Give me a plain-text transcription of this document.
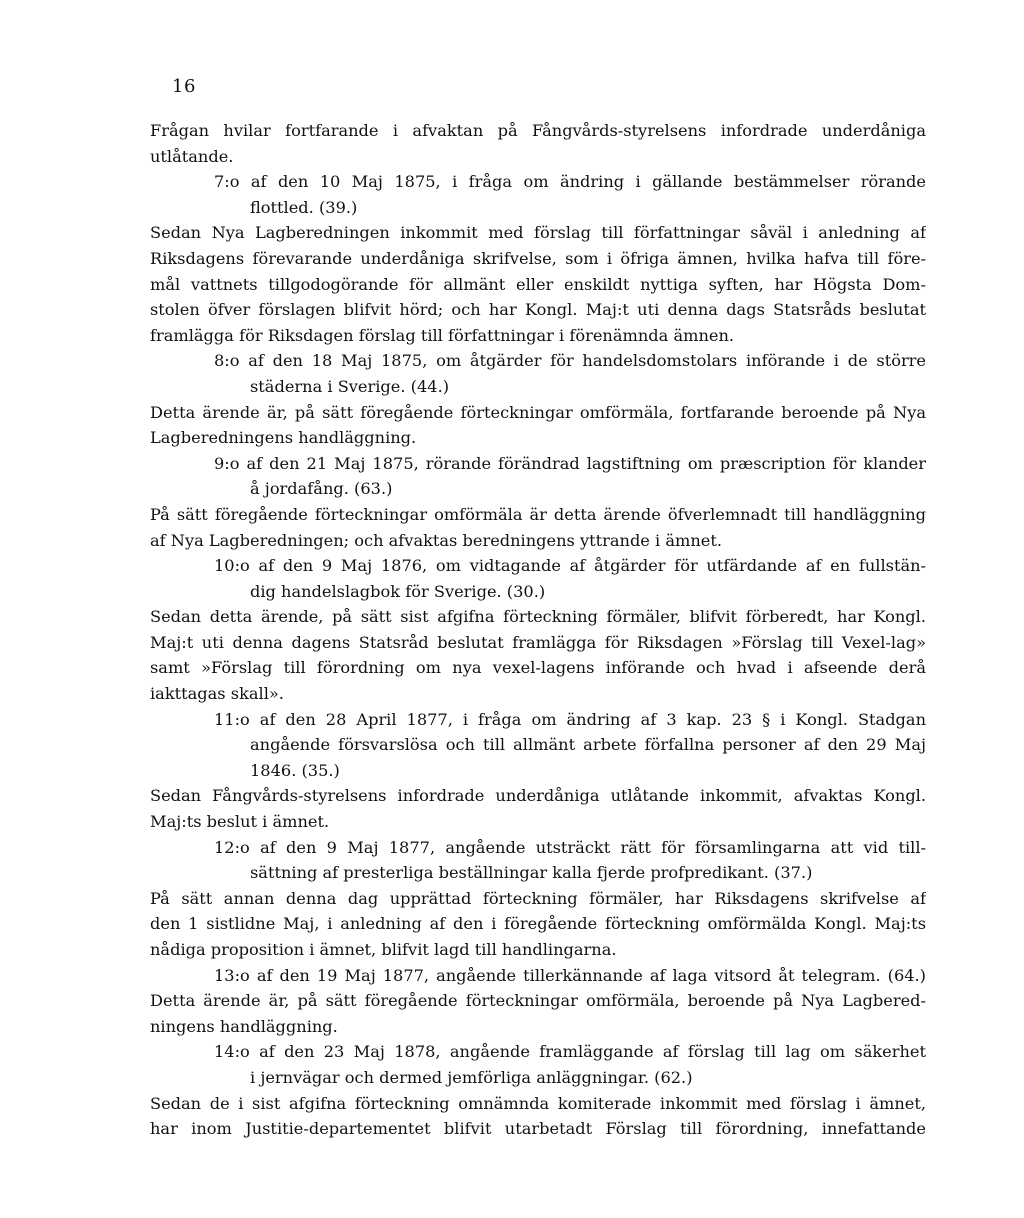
16
Frågan hvilar fortfarande i afvaktan på Fångvårds-styrelsens infordrade underdåniga
utlåtande.
7:o af den 10 Maj 1875, i fråga om ändring i gällande bestämmelser rörande
flottled. (39.)
Sedan Nya Lagberedningen inkommit med förslag till författningar såväl i anledning af
Riksdagens förevarande underdåniga skrifvelse, som i öfriga ämnen, hvilka hafva till före-
mål vattnets tillgodogörande för allmänt eller enskildt nyttiga syften, har Högsta Dom-
stolen öfver förslagen blifvit hörd; och har Kongl. Maj:t uti denna dags Statsråds beslutat
framlägga för Riksdagen förslag till författningar i förenämnda ämnen.
8:o af den 18 Maj 1875, om åtgärder för handelsdomstolars införande i de större
städerna i Sverige. (44.)
Detta ärende är, på sätt föregående förteckningar omförmäla, fortfarande beroende på Nya
Lagberedningens handläggning.
9:o af den 21 Maj 1875, rörande förändrad lagstiftning om præscription för klander
å jordafång. (63.)
På sätt föregående förteckningar omförmäla är detta ärende öfverlemnadt till handläggning
af Nya Lagberedningen; och afvaktas beredningens yttrande i ämnet.
10:o af den 9 Maj 1876, om vidtagande af åtgärder för utfärdande af en fullstän-
dig handelslagbok för Sverige. (30.)
Sedan detta ärende, på sätt sist afgifna förteckning förmäler, blifvit förberedt, har Kongl.
Maj:t uti denna dagens Statsråd beslutat framlägga för Riksdagen »Förslag till Vexel-lag»
samt »Förslag till förordning om nya vexel-lagens införande och hvad i afseende derå
iakttagas skall».
11:o af den 28 April 1877, i fråga om ändring af 3 kap. 23 § i Kongl. Stadgan
angående försvarslösa och till allmänt arbete förfallna personer af den 29 Maj
1846. (35.)
Sedan Fångvårds-styrelsens infordrade underdåniga utlåtande inkommit, afvaktas Kongl.
Maj:ts beslut i ämnet.
12:o af den 9 Maj 1877, angående utsträckt rätt för församlingarna att vid till-
sättning af presterliga beställningar kalla fjerde profpredikant. (37.)
På sätt annan denna dag upprättad förteckning förmäler, har Riksdagens skrifvelse af
den 1 sistlidne Maj, i anledning af den i föregående förteckning omförmälda Kongl. Maj:ts
nådiga proposition i ämnet, blifvit lagd till handlingarna.
13:o af den 19 Maj 1877, angående tillerkännande af laga vitsord åt telegram. (64.)
Detta ärende är, på sätt föregående förteckningar omförmäla, beroende på Nya Lagbered-
ningens handläggning.
14:o af den 23 Maj 1878, angående framläggande af förslag till lag om säkerhet
i jernvägar och dermed jemförliga anläggningar. (62.)
Sedan de i sist afgifna förteckning omnämnda komiterade inkommit med förslag i ämnet,
har inom Justitie-departementet blifvit utarbetadt Förslag till förordning, innefattande
